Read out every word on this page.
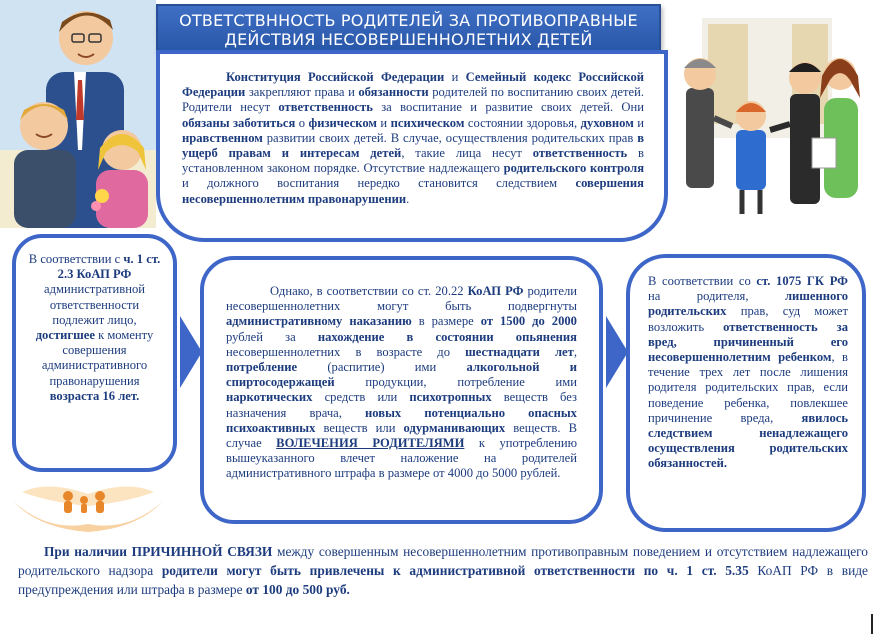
ОТВЕТСТВННОСТЬ РОДИТЕЛЕЙ ЗА ПРОТИВОПРАВНЫЕ
ДЕЙСТВИЯ НЕСОВЕРШЕННОЛЕТНИХ ДЕТЕЙ

Конституция Российской Федерации и Семейный кодекс Российской Федерации закрепляют права и обязанности родителей по воспитанию своих детей. Родители несут ответственность за воспитание и развитие своих детей. Они обязаны заботиться о физическом и психическом состоянии здоровья, духовном и нравственном развитии своих детей. В случае, осуществления родительских прав в ущерб правам и интересам детей, такие лица несут ответственность в установленном законом порядке. Отсутствие надлежащего родительского контроля и должного воспитания нередко становится следствием совершения несовершеннолетним правонарушении.

В соответствии с ч. 1 ст. 2.3 КоАП РФ административной ответственности подлежит лицо, достигшее к моменту совершения административного правонарушения возраста 16 лет.

Однако, в соответствии со ст. 20.22 КоАП РФ родители несовершеннолетних могут быть подвергнуты административному наказанию в размере от 1500 до 2000 рублей за нахождение в состоянии опьянения несовершеннолетних в возрасте до шестнадцати лет, потребление (распитие) ими алкогольной и спиртосодержащей продукции, потребление ими наркотических средств или психотропных веществ без назначения врача, новых потенциально опасных психоактивных веществ или одурманивающих веществ. В случае ВОЛЕЧЕНИЯ РОДИТЕЛЯМИ к употреблению вышеуказанного влечет наложение на родителей административного штрафа в размере от 4000 до 5000 рублей.

В соответствии со ст. 1075 ГК РФ на родителя, лишенного родительских прав, суд может возложить ответственность за вред, причиненный его несовершеннолетним ребенком, в течение трех лет после лишения родителя родительских прав, если поведение ребенка, повлекшее причинение вреда, явилось следствием ненадлежащего осуществления родительских обязанностей.

При наличии ПРИЧИННОЙ СВЯЗИ между совершенным несовершеннолетним противоправным поведением и отсутствием надлежащего родительского надзора родители могут быть привлечены к административной ответственности по ч. 1 ст. 5.35 КоАП РФ в виде предупреждения или штрафа в размере от 100 до 500 руб.
